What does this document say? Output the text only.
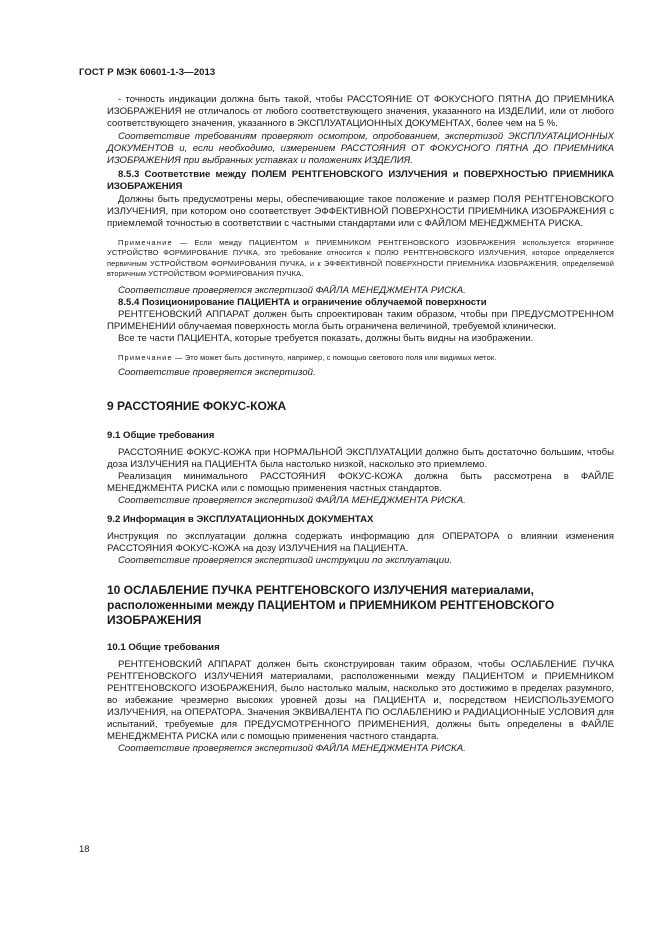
ГОСТ Р МЭК 60601-1-3—2013

- точность индикации должна быть такой, чтобы РАССТОЯНИЕ ОТ ФОКУСНОГО ПЯТНА ДО ПРИЕМНИКА ИЗОБРАЖЕНИЯ не отличалось от любого соответствующего значения, указанного на ИЗДЕЛИИ, или от любого соответствующего значения, указанного в ЭКСПЛУАТАЦИОННЫХ ДОКУМЕНТАХ, более чем на 5 %.

Соответствие требованиям проверяют осмотром, опробованием, экспертизой ЭКСПЛУАТАЦИОННЫХ ДОКУМЕНТОВ и, если необходимо, измерением РАССТОЯНИЯ ОТ ФОКУСНОГО ПЯТНА ДО ПРИЕМНИКА ИЗОБРАЖЕНИЯ при выбранных уставках и положениях ИЗДЕЛИЯ.

8.5.3 Соответствие между ПОЛЕМ РЕНТГЕНОВСКОГО ИЗЛУЧЕНИЯ и ПОВЕРХНОСТЬЮ ПРИЕМНИКА ИЗОБРАЖЕНИЯ

Должны быть предусмотрены меры, обеспечивающие такое положение и размер ПОЛЯ РЕНТГЕНОВСКОГО ИЗЛУЧЕНИЯ, при котором оно соответствует ЭФФЕКТИВНОЙ ПОВЕРХНОСТИ ПРИЕМНИКА ИЗОБРАЖЕНИЯ с приемлемой точностью в соответствии с частными стандартами или с ФАЙЛОМ МЕНЕДЖМЕНТА РИСКА.

Примечание — Если между ПАЦИЕНТОМ и ПРИЕМНИКОМ РЕНТГЕНОВСКОГО ИЗОБРАЖЕНИЯ используется вторичное УСТРОЙСТВО ФОРМИРОВАНИЕ ПУЧКА, это требование относится к ПОЛЮ РЕНТГЕНОВСКОГО ИЗЛУЧЕНИЯ, которое определяется первичным УСТРОЙСТВОМ ФОРМИРОВАНИЯ ПУЧКА, и к ЭФФЕКТИВНОЙ ПОВЕРХНОСТИ ПРИЕМНИКА ИЗОБРАЖЕНИЯ, определяемой вторичным УСТРОЙСТВОМ ФОРМИРОВАНИЯ ПУЧКА.

Соответствие проверяется экспертизой ФАЙЛА МЕНЕДЖМЕНТА РИСКА.

8.5.4 Позиционирование ПАЦИЕНТА и ограничение облучаемой поверхности

РЕНТГЕНОВСКИЙ АППАРАТ должен быть спроектирован таким образом, чтобы при ПРЕДУСМОТРЕННОМ ПРИМЕНЕНИИ облучаемая поверхность могла быть ограничена величиной, требуемой клинически.

Все те части ПАЦИЕНТА, которые требуется показать, должны быть видны на изображении.

Примечание — Это может быть достигнуто, например, с помощью светового поля или видимых меток.

Соответствие проверяется экспертизой.

9 РАССТОЯНИЕ ФОКУС-КОЖА

9.1 Общие требования

РАССТОЯНИЕ ФОКУС-КОЖА при НОРМАЛЬНОЙ ЭКСПЛУАТАЦИИ должно быть достаточно большим, чтобы доза ИЗЛУЧЕНИЯ на ПАЦИЕНТА была настолько низкой, насколько это приемлемо.

Реализация минимального РАССТОЯНИЯ ФОКУС-КОЖА должна быть рассмотрена в ФАЙЛЕ МЕНЕДЖМЕНТА РИСКА или с помощью применения частных стандартов.

Соответствие проверяется экспертизой ФАЙЛА МЕНЕДЖМЕНТА РИСКА.

9.2 Информация в ЭКСПЛУАТАЦИОННЫХ ДОКУМЕНТАХ

Инструкция по эксплуатации должна содержать информацию для ОПЕРАТОРА о влиянии изменения РАССТОЯНИЯ ФОКУС-КОЖА на дозу ИЗЛУЧЕНИЯ на ПАЦИЕНТА.

Соответствие проверяется экспертизой инструкции по эксплуатации.

10 ОСЛАБЛЕНИЕ ПУЧКА РЕНТГЕНОВСКОГО ИЗЛУЧЕНИЯ материалами, расположенными между ПАЦИЕНТОМ и ПРИЕМНИКОМ РЕНТГЕНОВСКОГО ИЗОБРАЖЕНИЯ

10.1 Общие требования

РЕНТГЕНОВСКИЙ АППАРАТ должен быть сконструирован таким образом, чтобы ОСЛАБЛЕНИЕ ПУЧКА РЕНТГЕНОВСКОГО ИЗЛУЧЕНИЯ материалами, расположенными между ПАЦИЕНТОМ и ПРИЕМНИКОМ РЕНТГЕНОВСКОГО ИЗОБРАЖЕНИЯ, было настолько малым, насколько это достижимо в пределах разумного, во избежание чрезмерно высоких уровней дозы на ПАЦИЕНТА и, посредством НЕИСПОЛЬЗУЕМОГО ИЗЛУЧЕНИЯ, на ОПЕРАТОРА. Значения ЭКВИВАЛЕНТА ПО ОСЛАБЛЕНИЮ и РАДИАЦИОННЫЕ УСЛОВИЯ для испытаний, требуемые для ПРЕДУСМОТРЕННОГО ПРИМЕНЕНИЯ, должны быть определены в ФАЙЛЕ МЕНЕДЖМЕНТА РИСКА или с помощью применения частного стандарта.

Соответствие проверяется экспертизой ФАЙЛА МЕНЕДЖМЕНТА РИСКА.

18
